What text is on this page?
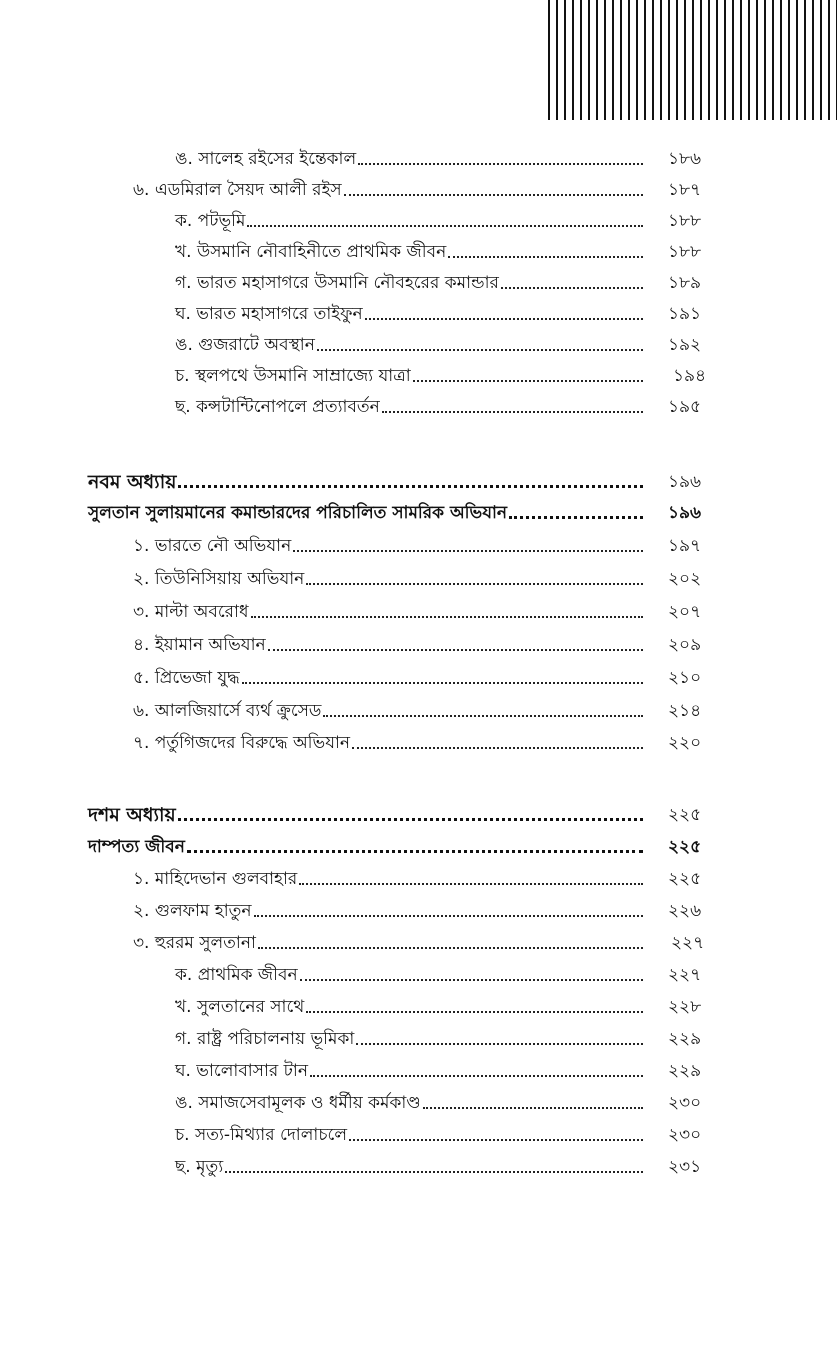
ঙ. সালেহ রইসের ইন্তেকাল	১৮৬
৬. এডমিরাল সৈয়দ আলী রইস	১৮৭
ক. পটভূমি	১৮৮
খ. উসমানি নৌবাহিনীতে প্রাথমিক জীবন	১৮৮
গ. ভারত মহাসাগরে উসমানি নৌবহরের কমান্ডার	১৮৯
ঘ. ভারত মহাসাগরে তাইফুন	১৯১
ঙ. গুজরাটে অবস্থান	১৯২
চ. স্থলপথে উসমানি সাম্রাজ্যে যাত্রা	১৯৪
ছ. কন্সটান্টিনোপলে প্রত্যাবর্তন	১৯৫
নবম অধ্যায়	১৯৬
সুলতান সুলায়মানের কমান্ডারদের পরিচালিত সামরিক অভিযান	১৯৬
১. ভারতে নৌ অভিযান	১৯৭
২. তিউনিসিয়ায় অভিযান	২০২
৩. মাল্টা অবরোধ	২০৭
৪. ইয়ামান অভিযান	২০৯
৫. প্রিভেজা যুদ্ধ	২১০
৬. আলজিয়ার্সে ব্যর্থ ক্রুসেড	২১৪
৭. পর্তুগিজদের বিরুদ্ধে অভিযান	২২০
দশম অধ্যায়	২২৫
দাম্পত্য জীবন	২২৫
১. মাহিদেভান গুলবাহার	২২৫
২. গুলফাম হাতুন	২২৬
৩. হুররম সুলতানা	২২৭
ক. প্রাথমিক জীবন	২২৭
খ. সুলতানের সাথে	২২৮
গ. রাষ্ট্র পরিচালনায় ভূমিকা	২২৯
ঘ. ভালোবাসার টান	২২৯
ঙ. সমাজসেবামূলক ও ধর্মীয় কর্মকাণ্ড	২৩০
চ. সত্য-মিথ্যার দোলাচলে	২৩০
ছ. মৃত্যু	২৩১
